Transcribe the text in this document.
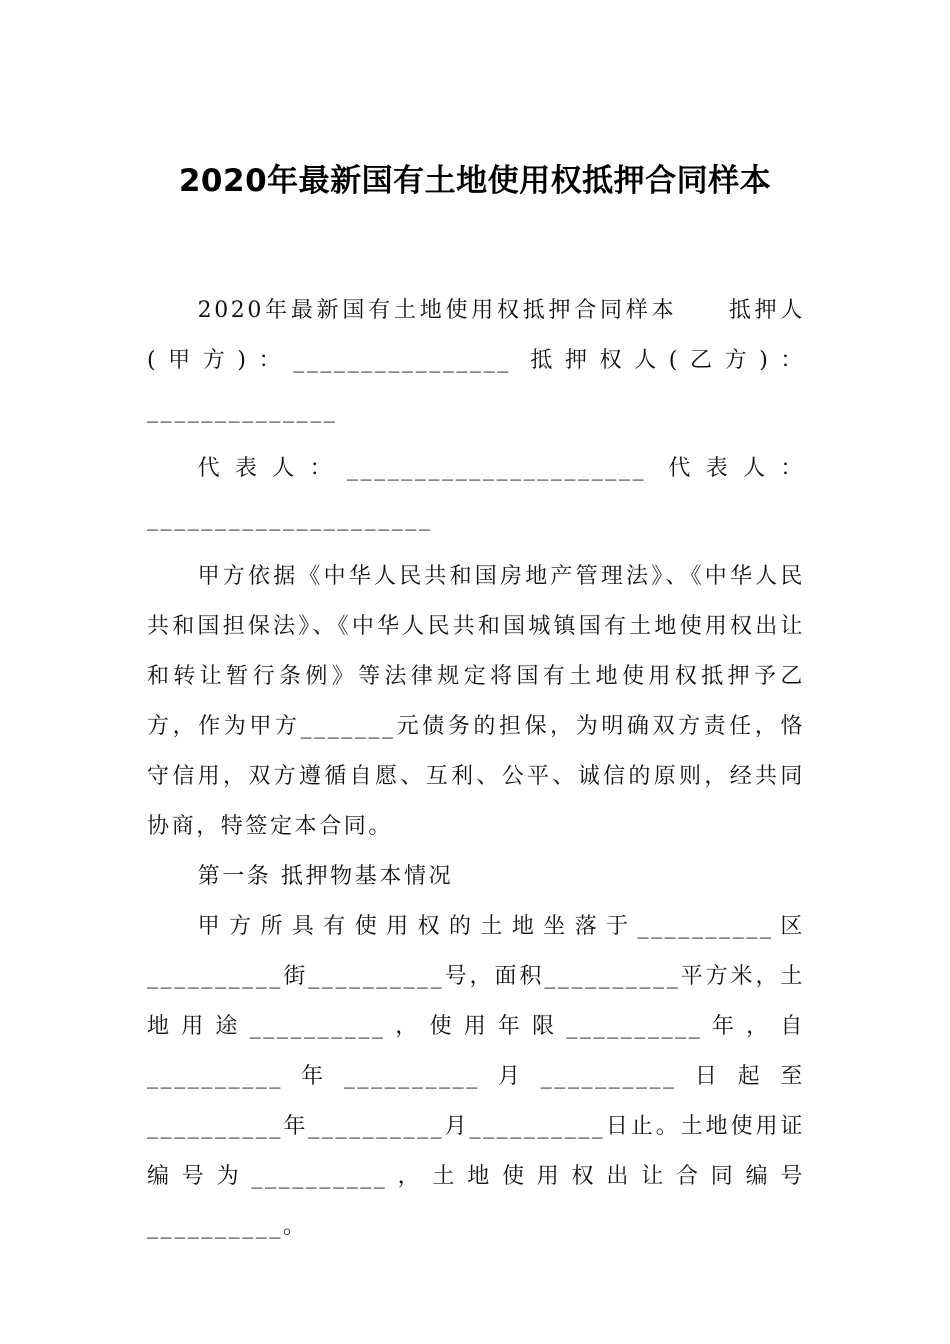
2020年最新国有土地使用权抵押合同样本

2020年最新国有土地使用权抵押合同样本　　抵押人(甲方)：________________ 抵押权人(乙方)：______________

代表人：______________________ 代表人：_____________________

甲方依据《中华人民共和国房地产管理法》、《中华人民共和国担保法》、《中华人民共和国城镇国有土地使用权出让和转让暂行条例》等法律规定将国有土地使用权抵押予乙方，作为甲方_______元债务的担保，为明确双方责任，恪守信用，双方遵循自愿、互利、公平、诚信的原则，经共同协商，特签定本合同。

第一条 抵押物基本情况

甲方所具有使用权的土地坐落于__________区__________街__________号，面积__________平方米，土地用途__________，使用年限__________年，自__________年__________月__________日起至__________年__________月__________日止。土地使用证编号为__________，土地使用权出让合同编号__________。
